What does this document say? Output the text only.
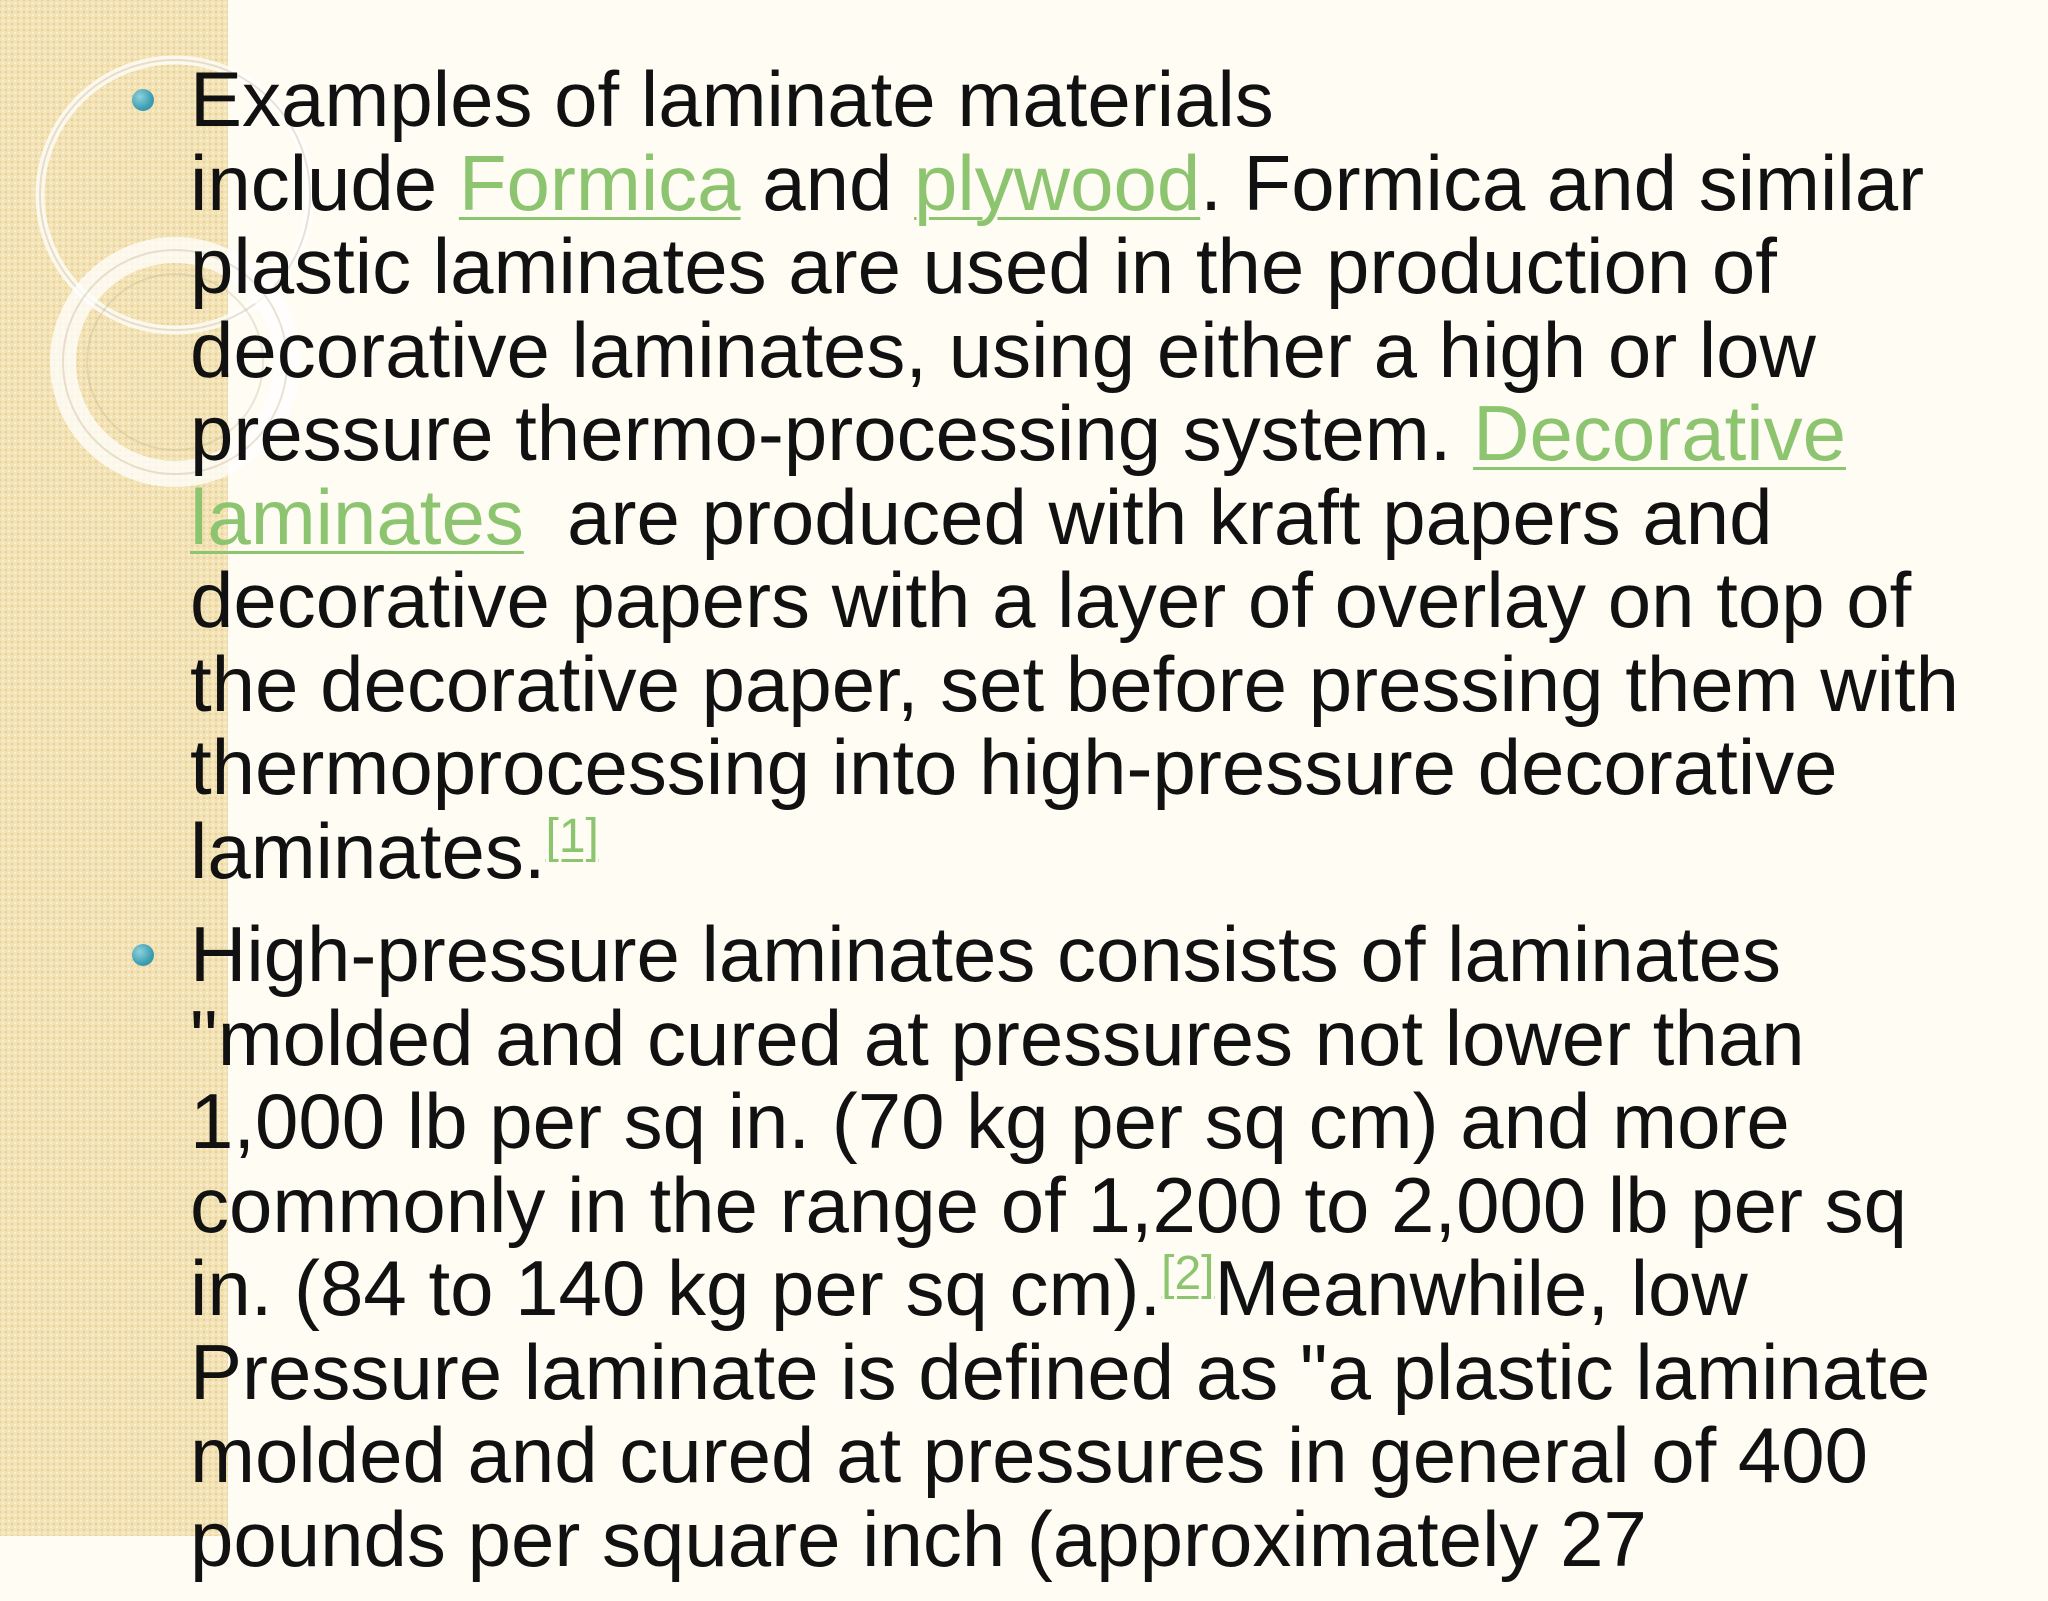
Examples of laminate materials
include Formica and plywood. Formica and similar
plastic laminates are used in the production of
decorative laminates, using either a high or low
pressure thermo-processing system. Decorative
laminates  are produced with kraft papers and
decorative papers with a layer of overlay on top of
the decorative paper, set before pressing them with
thermoprocessing into high-pressure decorative
laminates.[1]
High-pressure laminates consists of laminates
"molded and cured at pressures not lower than
1,000 lb per sq in. (70 kg per sq cm) and more
commonly in the range of 1,200 to 2,000 lb per sq
in. (84 to 140 kg per sq cm).[2]Meanwhile, low
Pressure laminate is defined as "a plastic laminate
molded and cured at pressures in general of 400
pounds per square inch (approximately 27
